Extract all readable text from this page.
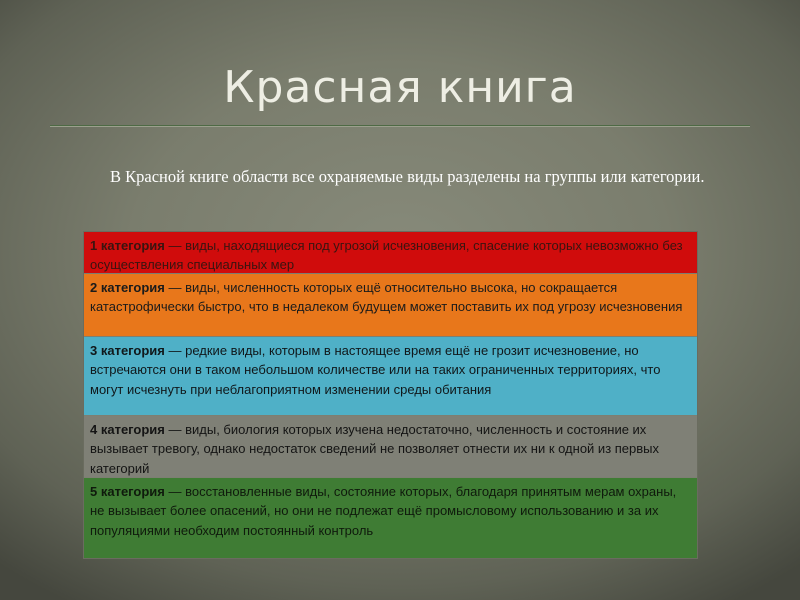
Красная книга
В Красной книге области все охраняемые виды разделены на группы или категории.
1 категория — виды, находящиеся под угрозой исчезновения, спасение которых невозможно без осуществления специальных мер
2 категория — виды, численность которых ещё относительно высока, но сокращается катастрофически быстро, что в недалеком будущем может поставить их под угрозу исчезновения
3 категория — редкие виды, которым в настоящее время ещё не грозит исчезновение, но встречаются они в таком небольшом количестве или на таких ограниченных территориях, что могут исчезнуть при неблагоприятном изменении среды обитания
4 категория — виды, биология которых изучена недостаточно, численность и состояние их вызывает тревогу, однако недостаток сведений не позволяет отнести их ни к одной из первых категорий
5 категория — восстановленные виды, состояние которых, благодаря принятым мерам охраны, не вызывает более опасений, но они не подлежат ещё промысловому использованию и за их популяциями необходим постоянный контроль
